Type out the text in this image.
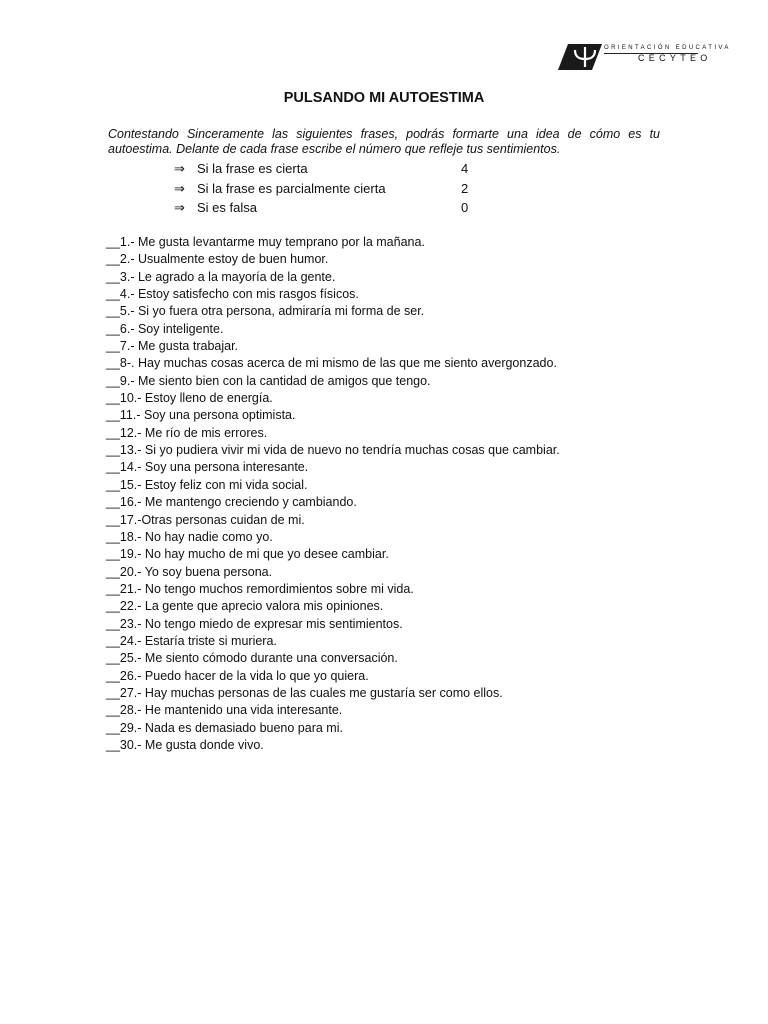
ORIENTACIÓN EDUCATIVA
CECYTEO
PULSANDO MI AUTOESTIMA
Contestando Sinceramente las siguientes frases, podrás formarte una idea de cómo es tu autoestima. Delante de cada frase escribe el número que refleje tus sentimientos.
⇒ Si la frase es cierta	4
⇒ Si la frase es parcialmente cierta	2
⇒ Si es falsa	0
__1.- Me gusta levantarme muy temprano por la mañana.
__2.- Usualmente estoy de buen humor.
__3.- Le agrado a la mayoría de la gente.
__4.- Estoy satisfecho con mis rasgos físicos.
__5.- Si yo fuera otra persona, admiraría mi forma de ser.
__6.- Soy inteligente.
__7.- Me gusta trabajar.
__8-. Hay muchas cosas acerca de mi mismo de las que me siento avergonzado.
__9.- Me siento bien con la cantidad de amigos que tengo.
__10.- Estoy lleno de energía.
__11.- Soy una persona optimista.
__12.- Me río de mis errores.
__13.- Si yo pudiera vivir mi vida de nuevo no tendría muchas cosas que cambiar.
__14.- Soy una persona interesante.
__15.- Estoy feliz con mi vida social.
__16.- Me mantengo creciendo y cambiando.
__17.-Otras personas cuidan de mi.
__18.- No hay nadie como yo.
__19.- No hay mucho de mi que yo desee cambiar.
__20.- Yo soy buena persona.
__21.- No tengo muchos remordimientos sobre mi vida.
__22.- La gente que aprecio valora mis opiniones.
__23.- No tengo miedo de expresar mis sentimientos.
__24.- Estaría triste si muriera.
__25.- Me siento cómodo durante una conversación.
__26.- Puedo hacer de la vida lo que yo quiera.
__27.- Hay muchas personas de las cuales me gustaría ser como ellos.
__28.- He mantenido una vida interesante.
__29.- Nada es demasiado bueno para mi.
__30.- Me gusta donde vivo.
